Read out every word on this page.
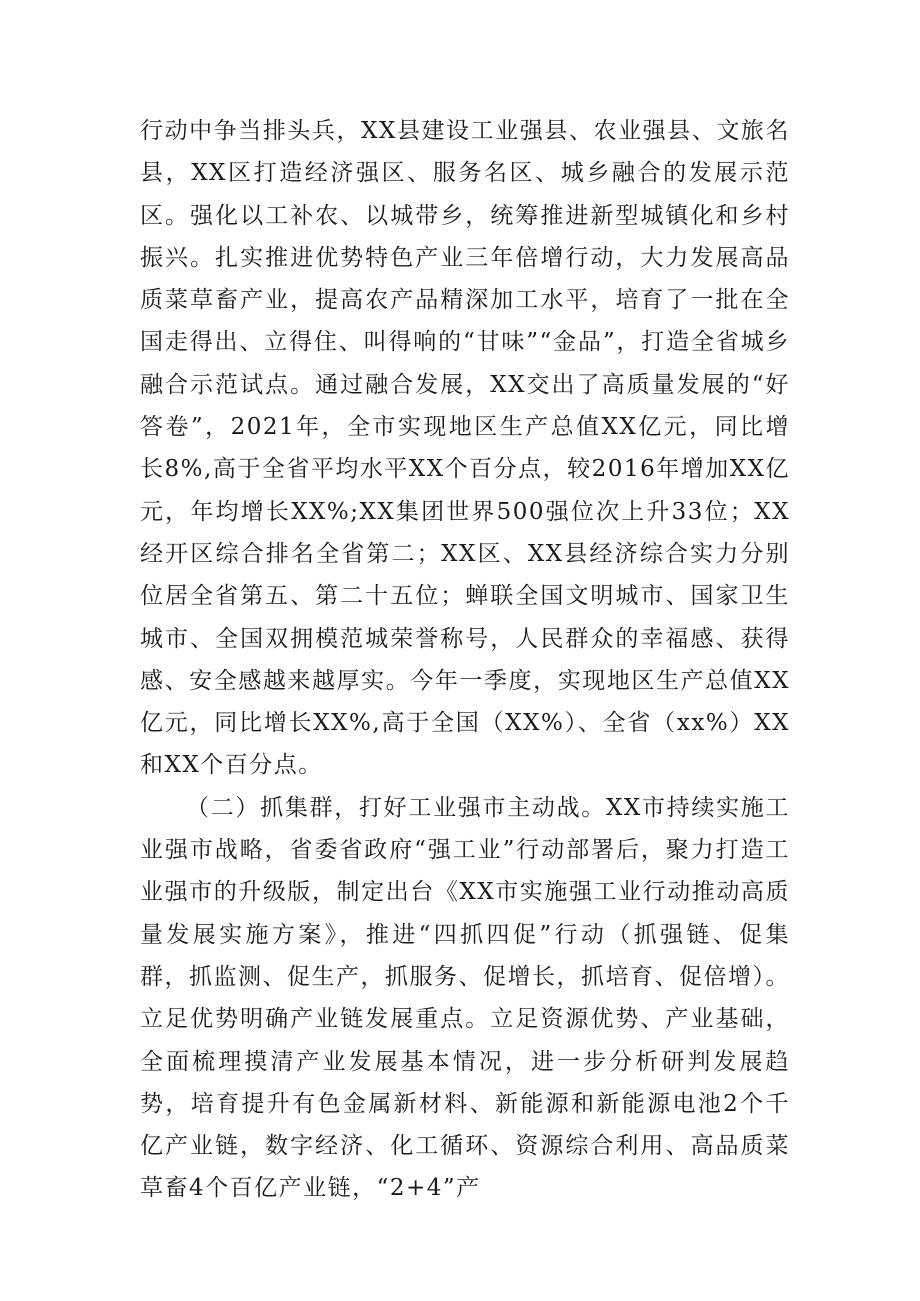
行动中争当排头兵，XX县建设工业强县、农业强县、文旅名县，XX区打造经济强区、服务名区、城乡融合的发展示范区。强化以工补农、以城带乡，统筹推进新型城镇化和乡村振兴。扎实推进优势特色产业三年倍增行动，大力发展高品质菜草畜产业，提高农产品精深加工水平，培育了一批在全国走得出、立得住、叫得响的“甘味”“金品”，打造全省城乡融合示范试点。通过融合发展，XX交出了高质量发展的“好答卷”，2021年，全市实现地区生产总值XX亿元，同比增长8%,高于全省平均水平XX个百分点，较2016年增加XX亿元，年均增长XX%;XX集团世界500强位次上升33位；XX经开区综合排名全省第二；XX区、XX县经济综合实力分别位居全省第五、第二十五位；蝉联全国文明城市、国家卫生城市、全国双拥模范城荣誉称号，人民群众的幸福感、获得感、安全感越来越厚实。今年一季度，实现地区生产总值XX亿元，同比增长XX%,高于全国（XX%）、全省（xx%）XX和XX个百分点。

（二）抓集群，打好工业强市主动战。XX市持续实施工业强市战略，省委省政府“强工业”行动部署后，聚力打造工业强市的升级版，制定出台《XX市实施强工业行动推动高质量发展实施方案》，推进“四抓四促”行动（抓强链、促集群，抓监测、促生产，抓服务、促增长，抓培育、促倍增）。立足优势明确产业链发展重点。立足资源优势、产业基础，全面梳理摸清产业发展基本情况，进一步分析研判发展趋势，培育提升有色金属新材料、新能源和新能源电池2个千亿产业链，数字经济、化工循环、资源综合利用、高品质菜草畜4个百亿产业链，“2+4”产
